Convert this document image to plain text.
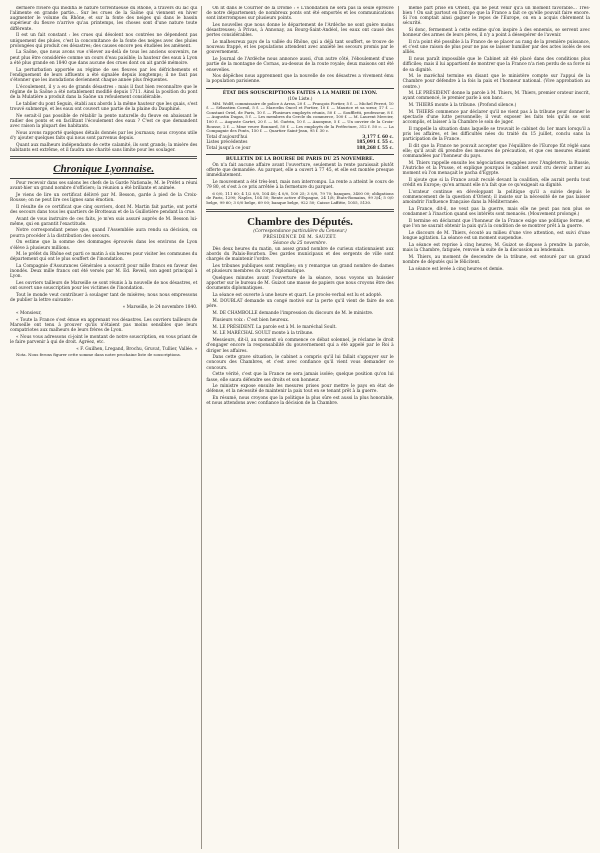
dernière rivière qui modifia le nature torrentueuse du Rhône, à travers du lac qui l'alimente en grande partie... Sur les crues de la Saône qui viennent en hiver augmenter le volume du Rhône, et sur la fonte des neiges qui dans le bassin supérieur du fleuve n'arrive qu'au printemps, les choses sont d'une nature toute différente.

Il est un fait constant : les crues qui désolent nos contrées ne dépendent pas uniquement des pluies, c'est la concomitance de la fonte des neiges avec des pluies prolongées qui produit ces désastres; des causes encore peu étudiées les amènent.

La Saône, que nous avons vue s'élever au-delà de tous les anciens souvenirs, ne peut plus être considérée comme un cours d'eau paisible; la hauteur des eaux à Lyon a été plus grande en 1840 que dans aucune des crues dont on ait gardé mémoire.

La perturbation apportée au régime de ses fleuves par les défrichements et l'endiguement de leurs affluents a été signalée depuis longtemps; il ne faut pas s'étonner que les inondations deviennent chaque année plus fréquentes.

L'écoulement, il y a eu de grands désastres : mais il faut bien reconnaître que le régime de la Saône a été notablement modifié depuis 1711. Ainsi la position du pont de la Mulatière a produit dans la Saône un refoulement considérable.

Le tablier du pont Seguin, établi aux abords à la même hauteur que les quais, s'est trouvé submergé, et les eaux ont couvert une partie de la plaine du Dauphiné.

Ne serait-il pas possible de rétablir la pente naturelle du fleuve en abaissant le radier des ponts et en facilitant l'écoulement des eaux ? C'est ce que demandent avec raison la plupart des habitants.

Nous avons rapporté quelques détails donnés par les journaux; nous croyons utile d'y ajouter quelques faits qui nous sont parvenus depuis.

Quant aux malheurs indépendants de cette calamité, ils sont grands; la misère des habitants est extrême, et il faudra une charité sans limite pour les soulager.

Chronique Lyonnaise.

Pour recevoir dans ses salons les chefs de la Garde Nationale, M. le Préfet a réuni avant-hier un grand nombre d'officiers; la réunion a été brillante et animée.

Je viens de lire un certificat délivré par M. Besson, garde à pied de la Croix-Rousse; on ne peut lire ces lignes sans émotion.

Il résulte de ce certificat que cinq ouvriers, dont M. Martin fait partie, ont porté des secours dans tous les quartiers de Brotteaux et de la Guillotière pendant la crue.

Avant de vous instruire de ces faits, je m'en suis assuré auprès de M. Besson lui-même, qui en garantit l'exactitude.

Notre correspondant pense que, quand l'Assemblée aura rendu sa décision, on pourra procéder à la distribution des secours.

On estime que la somme des dommages éprouvés dans les environs de Lyon s'élève à plusieurs millions.

M. le préfet du Rhône est parti ce matin à six heures pour visiter les communes du département qui ont le plus souffert de l'inondation.

La Compagnie d'Assurances Générales a souscrit pour mille francs en faveur des inondés. Deux mille francs ont été versés par M. Ed. Reveil, son agent principal à Lyon.

Les ouvriers tailleurs de Marseille se sont réunis à la nouvelle de nos désastres, et ont ouvert une souscription pour les victimes de l'inondation.

Tout le monde veut contribuer à soulager tant de misères; nous nous empressons de publier la lettre suivante :

« Marseille, le 24 novembre 1840.

« Monsieur,

« Toute la France s'est émue en apprenant vos désastres. Les ouvriers tailleurs de Marseille ont tenu à prouver qu'ils n'étaient pas moins sensibles que leurs compatriotes aux malheurs de leurs frères de Lyon.

« Nous vous adressons ci-joint le montant de notre souscription, en vous priant de le faire parvenir à qui de droit. Agréez, etc.

« F. Guilhen, Lregand, Brochu, Gruvat, Tullier, Vallée. »

Nota. Nous ferons figurer cette somme dans notre prochaine liste de souscriptions.

On lit dans le Courrier de la Drôme : « L'inondation ne sera pas la seule épreuve de notre département; de nombreux ponts ont été emportés et les communications sont interrompues sur plusieurs points.

Les nouvelles que nous donne le département de l'Ardèche ne sont guère moins désastreuses; à Privas, à Annonay, au Bourg-Saint-Andéol, les eaux ont causé des pertes considérables.

Le malheureux pays de la vallée du Rhône, qui a déjà tant souffert, se trouve de nouveau frappé, et les populations attendent avec anxiété les secours promis par le gouvernement.

Le Journal de l'Ardèche nous annonce aussi, d'un autre côté, l'éboulement d'une partie de la montagne de Cornas, au-dessus de la route royale; deux maisons ont été ensevelies.

Nos dépêches nous apprennent que la nouvelle de ces désastres a vivement ému la population parisienne.

ÉTAT DES SOUSCRIPTIONS FAITES A LA MAIRIE DE LYON.
(10e Liste.)

MM. Wolff, commissaire de police à Arras, 20 f. — François Fortier, 5 f. — Michel Perrot, 10 f. — Sébastien Cornil, 5 f. — Marcelin Oncel et Fortier, 10 f. — Maurice et sa sœur, 17 f. — Constant Oriel, de Paris, 10 f. — Plusieurs employés réunis, 50 f. — Souffletti, professeur, 8 f. — Augustin Dugas, 5 f. — Les membres du Cercle du commerce, 100 f. — M. Laurent Mercier, 100 f. — Auguste Cartet, 20 f. — M. Guérin, 10 f. — Anonyme, 5 f. — Un ouvrier de la Croix-Rousse, 2 f. — Mme veuve Bonnard, 50 f. — Les employés de la Préfecture, 312 f. 50 c. — La Compagnie des Ponts, 150 f. — Quartier Saint-Jean, 95 f. 30 c.

Total d'aujourd'hui	3,177 f. 60 c.
Listes précédentes	185,091 f. 55 c.
Total jusqu'à ce jour	188,268 f. 55 c.
BULLETIN DE LA BOURSE DE PARIS DU 25 NOVEMBRE.

On n'a fait aucune affaire avant l'ouverture, seulement la rente paraissait plutôt offerte que demandée. Au parquet, elle a ouvert à 77 45, et elle est montée presque immédiatement.

Le mouvement a été très-lent, mais non interrompu. La rente a atteint le cours de 79 80, et s'est à ce prix arrêtée à la fermeture du parquet.

6 0/0, 111 60; 4 1/2 0/0, 104 40; 4 0/0, 100 25; 3 0/0, 79 70; banques, 3400 00; obligations de Paris, 1290; Naples, 104 50; Rente active d'Espagne, 24 1/8; États-Romains, 99 3/4; 5 0/0 belge, 99 60; 3 0/0 belge, 69 00; banque belge, 922 50; Caisse Laffitte, 1055, 5130.

Chambre des Députés.
(Correspondance particulière du Censeur.)
PRÉSIDENCE DE M. SAUZET.
Séance du 25 novembre.

Dès deux heures du matin, un assez grand nombre de curieux stationnaient aux abords du Palais-Bourbon. Des gardes municipaux et des sergents de ville sont chargés de maintenir l'ordre.

Les tribunes publiques sont remplies; on y remarque un grand nombre de dames et plusieurs membres du corps diplomatique.

Quelques minutes avant l'ouverture de la séance, nous voyons un huissier apporter sur le bureau de M. Guizot une masse de papiers que nous croyons être des documents diplomatiques.

La séance est ouverte à une heure et quart. Le procès-verbal est lu et adopté.

M. DOUBLAT demande un congé motivé sur la perte qu'il vient de faire de son père.

M. DE CHAMBOLLE demande l'impression du discours de M. le ministre.

Plusieurs voix : C'est bien heureux.

M. LE PRÉSIDENT. La parole est à M. le maréchal Soult.

M. LE MARÉCHAL SOULT monte à la tribune.

Messieurs, dit-il, au moment où commence ce débat solennel, je réclame le droit d'engager encore la responsabilité du gouvernement qui a été appelé par le Roi à diriger les affaires.

Dans cette grave situation, le cabinet a compris qu'il lui fallait s'appuyer sur le concours des Chambres, et c'est avec confiance qu'il vient vous demander ce concours.

Cette vérité, c'est que la France ne sera jamais isolée; quelque position qu'on lui fasse, elle saura défendre ses droits et son honneur.

Le ministre expose ensuite les mesures prises pour mettre le pays en état de défense, et la nécessité de maintenir la paix tout en se tenant prêt à la guerre.

En résumé, nous croyons que la politique la plus sûre est aussi la plus honorable, et nous attendons avec confiance la décision de la Chambre.

même part prise en Orient, qui ne peut venir qu'à un moment favorable... Très-bien ! On sait partout en Europe que la France a fait ce qu'elle pouvait faire encore. Si l'on comptait ainsi gagner le repos de l'Europe, on en a acquis chèrement la sécurité.

Si donc, fermement à cette estime qu'on inspire à des ennemis, se servent avec honneur des armes de leurs pères, il n'y a point à désespérer de l'avenir.

Il n'a point été possible à la France de se placer au rang de la première puissance, et c'est une raison de plus pour ne pas se laisser humilier par des actes isolés de ses alliés.

Il nous paraît impossible que le Cabinet ait été placé dans des conditions plus difficiles; mais il lui appartient de montrer que la France n'a rien perdu de sa force ni de sa dignité.

M. le maréchal termine en disant que le ministère compte sur l'appui de la Chambre pour défendre à la fois la paix et l'honneur national. (Vive approbation au centre.)

M. LE PRÉSIDENT donne la parole à M. Thiers, M. Thiers, premier orateur inscrit, ayant commencé, le premier parle à son banc.

M. THIERS monte à la tribune. (Profond silence.)

M. THIERS commence par déclarer qu'il ne vient pas à la tribune pour donner le spectacle d'une lutte personnelle; il veut exposer les faits tels qu'ils se sont accomplis, et laisser à la Chambre le soin de juger.

Il rappelle la situation dans laquelle se trouvait le cabinet du 1er mars lorsqu'il a pris les affaires, et les difficultés nées du traité du 15 juillet, conclu sans la participation de la France.

Il dit que la France ne pouvait accepter que l'équilibre de l'Europe fût réglé sans elle; qu'il avait dû prendre des mesures de précaution, et que ces mesures étaient commandées par l'honneur du pays.

M. Thiers rappelle ensuite les négociations engagées avec l'Angleterre, la Russie, l'Autriche et la Prusse, et explique pourquoi le cabinet avait cru devoir armer au moment où l'on menaçait le pacha d'Égypte.

Il ajoute que si la France avait reculé devant la coalition, elle aurait perdu tout crédit en Europe; qu'en armant elle n'a fait que ce qu'exigeait sa dignité.

L'orateur continue en développant la politique qu'il a suivie depuis le commencement de la question d'Orient; il insiste sur la nécessité de ne pas laisser amoindrir l'influence française dans la Méditerranée.

La France, dit-il, ne veut pas la guerre, mais elle ne peut pas non plus se condamner à l'inaction quand ses intérêts sont menacés. (Mouvement prolongé.)

Il termine en déclarant que l'honneur de la France exige une politique ferme, et que l'on ne saurait obtenir la paix qu'à la condition de se montrer prêt à la guerre.

Le discours de M. Thiers, écouté au milieu d'une vive attention, est suivi d'une longue agitation. La séance est un moment suspendue.

La séance est reprise à cinq heures; M. Guizot se dispose à prendre la parole, mais la Chambre, fatiguée, renvoie la suite de la discussion au lendemain.

M. Thiers, au moment de descendre de la tribune, est entouré par un grand nombre de députés qui le félicitent.

La séance est levée à cinq heures et demie.
